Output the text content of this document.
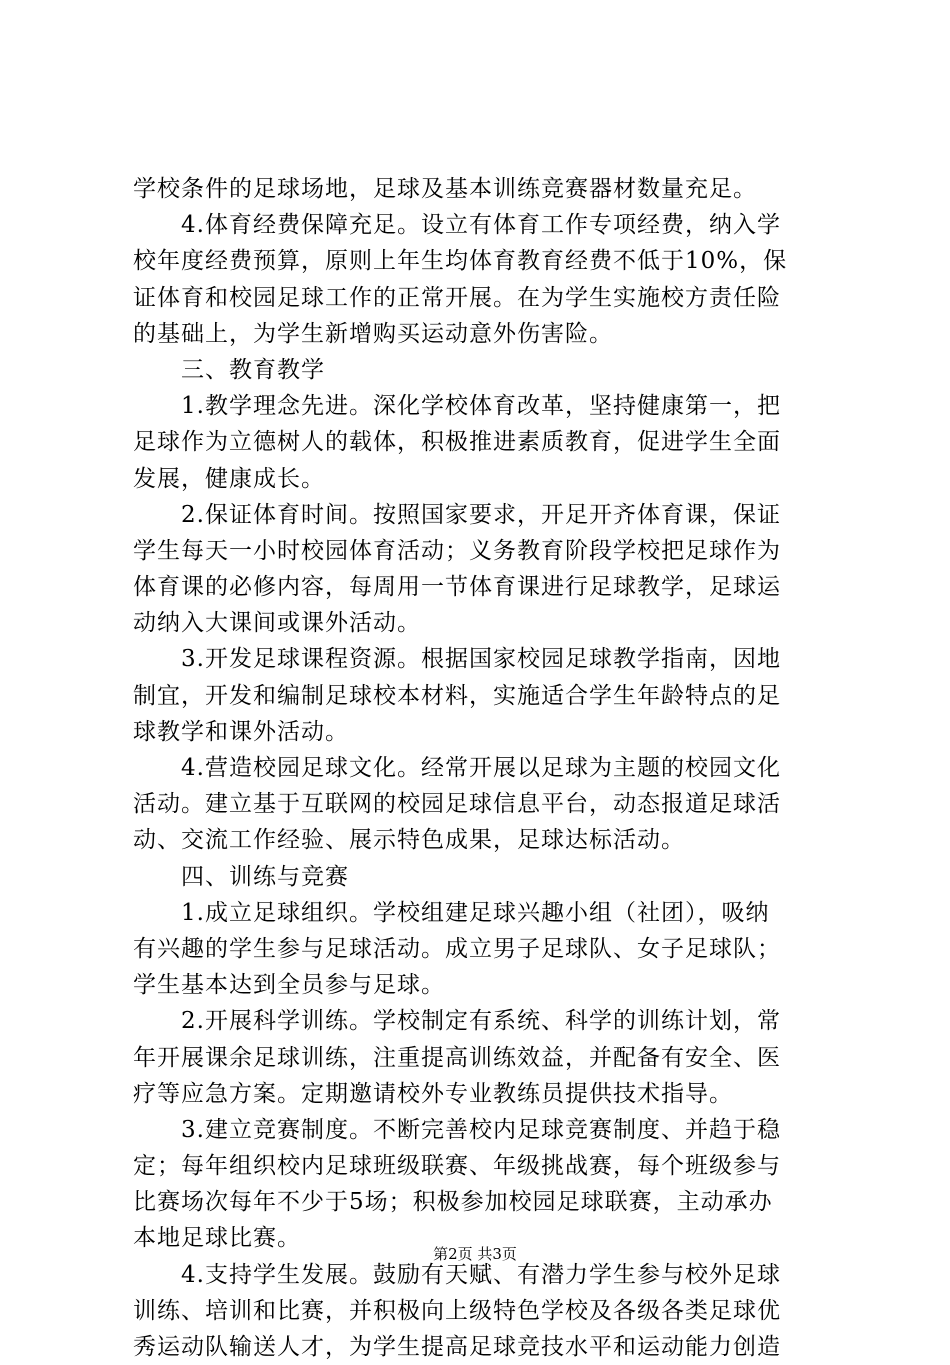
学校条件的足球场地，足球及基本训练竞赛器材数量充足。
　　4.体育经费保障充足。设立有体育工作专项经费，纳入学
校年度经费预算，原则上年生均体育教育经费不低于10%，保
证体育和校园足球工作的正常开展。在为学生实施校方责任险
的基础上，为学生新增购买运动意外伤害险。
　　三、教育教学
　　1.教学理念先进。深化学校体育改革，坚持健康第一，把
足球作为立德树人的载体，积极推进素质教育，促进学生全面
发展，健康成长。
　　2.保证体育时间。按照国家要求，开足开齐体育课，保证
学生每天一小时校园体育活动；义务教育阶段学校把足球作为
体育课的必修内容，每周用一节体育课进行足球教学，足球运
动纳入大课间或课外活动。
　　3.开发足球课程资源。根据国家校园足球教学指南，因地
制宜，开发和编制足球校本材料，实施适合学生年龄特点的足
球教学和课外活动。
　　4.营造校园足球文化。经常开展以足球为主题的校园文化
活动。建立基于互联网的校园足球信息平台，动态报道足球活
动、交流工作经验、展示特色成果，足球达标活动。
　　四、训练与竞赛
　　1.成立足球组织。学校组建足球兴趣小组（社团），吸纳
有兴趣的学生参与足球活动。成立男子足球队、女子足球队；
学生基本达到全员参与足球。
　　2.开展科学训练。学校制定有系统、科学的训练计划，常
年开展课余足球训练，注重提高训练效益，并配备有安全、医
疗等应急方案。定期邀请校外专业教练员提供技术指导。
　　3.建立竞赛制度。不断完善校内足球竞赛制度、并趋于稳
定；每年组织校内足球班级联赛、年级挑战赛，每个班级参与
比赛场次每年不少于5场；积极参加校园足球联赛，主动承办
本地足球比赛。
　　4.支持学生发展。鼓励有天赋、有潜力学生参与校外足球
训练、培训和比赛，并积极向上级特色学校及各级各类足球优
秀运动队输送人才，为学生提高足球竞技水平和运动能力创造
第2页 共3页
